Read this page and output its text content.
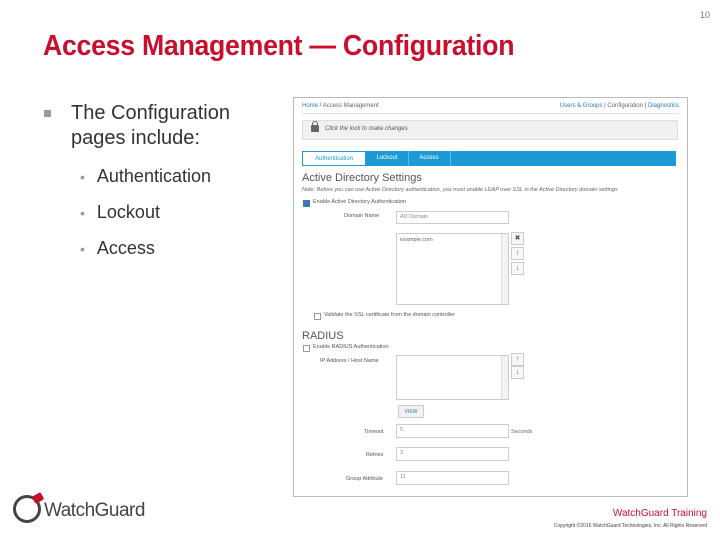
10
Access Management — Configuration
The Configuration pages include:
• Authentication
• Lockout
• Access
Home / Access Management	Users & Groups | Configuration | Diagnostics
Click the lock to make changes
Authentication	Lockout	Access
Active Directory Settings
Note: Before you can use Active Directory authentication, you must enable LDAP over SSL in the Active Directory domain settings
Enable Active Directory Authentication
Domain Name	AD Domain
example.com	✖
↑
↓
Validate the SSL certificate from the domain controller
RADIUS
Enable RADIUS Authentication
IP Address / Host Name	↑
↓
VIEW
Timeout	5	Seconds
Retries	3
Group Attribute	11
WatchGuard	WatchGuard Training
Copyright ©2016 WatchGuard Technologies, Inc. All Rights Reserved
